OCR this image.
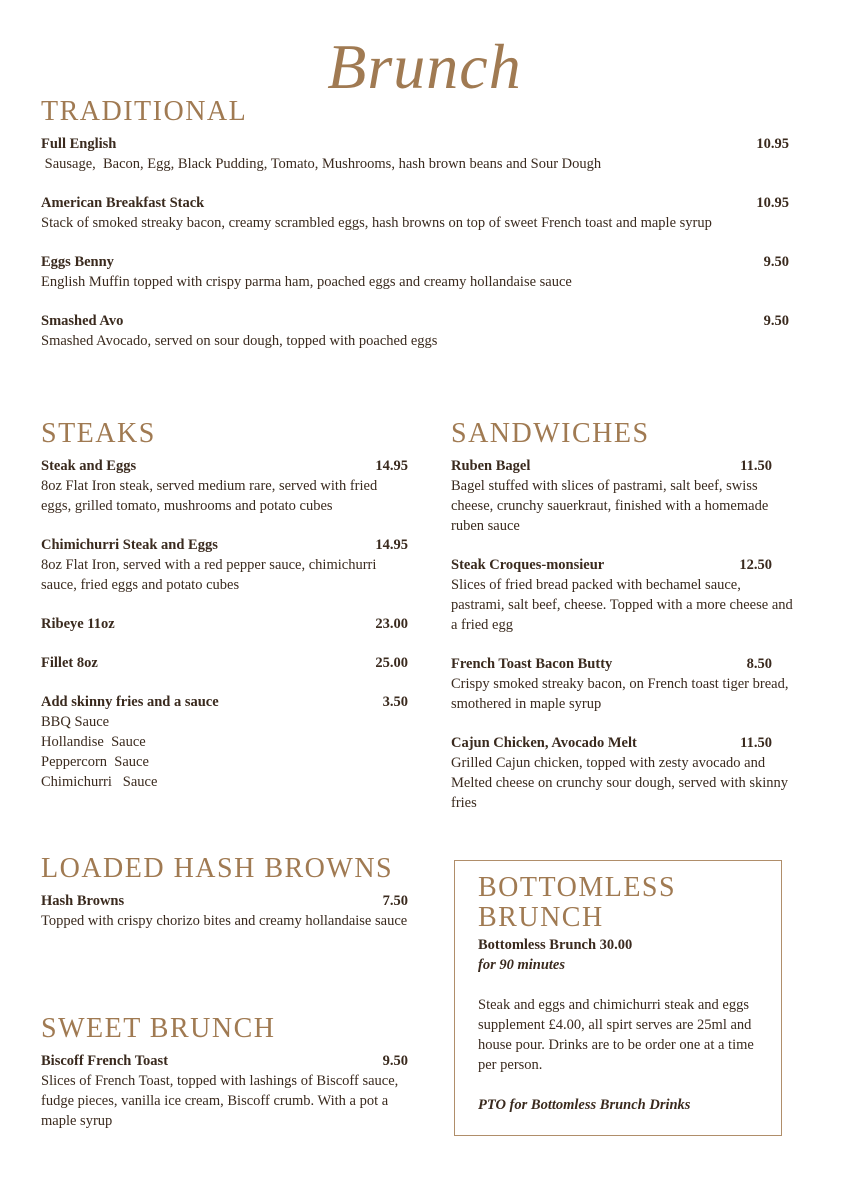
Brunch
TRADITIONAL
Full English	10.95
Sausage,  Bacon, Egg, Black Pudding, Tomato, Mushrooms, hash brown beans and Sour Dough
American Breakfast Stack	10.95
Stack of smoked streaky bacon, creamy scrambled eggs, hash browns on top of sweet French toast and maple syrup
Eggs Benny	9.50
English Muffin topped with crispy parma ham, poached eggs and creamy hollandaise sauce
Smashed Avo	9.50
Smashed Avocado, served on sour dough, topped with poached eggs
STEAKS
Steak and Eggs	14.95
8oz Flat Iron steak, served medium rare, served with fried eggs, grilled tomato, mushrooms and potato cubes
Chimichurri Steak and Eggs	14.95
8oz Flat Iron, served with a red pepper sauce, chimichurri sauce, fried eggs and potato cubes
Ribeye 11oz	23.00
Fillet 8oz	25.00
Add skinny fries and a sauce	3.50
BBQ Sauce
Hollandise  Sauce
Peppercorn  Sauce
Chimichurri   Sauce
SANDWICHES
Ruben Bagel	11.50
Bagel stuffed with slices of pastrami, salt beef, swiss cheese, crunchy sauerkraut, finished with a homemade ruben sauce
Steak Croques-monsieur	12.50
Slices of fried bread packed with bechamel sauce, pastrami, salt beef, cheese. Topped with a more cheese and a fried egg
French Toast Bacon Butty	8.50
Crispy smoked streaky bacon, on French toast tiger bread, smothered in maple syrup
Cajun Chicken, Avocado Melt	11.50
Grilled Cajun chicken, topped with zesty avocado and Melted cheese on crunchy sour dough, served with skinny fries
LOADED HASH BROWNS
Hash Browns	7.50
Topped with crispy chorizo bites and creamy hollandaise sauce
SWEET BRUNCH
Biscoff French Toast	9.50
Slices of French Toast, topped with lashings of Biscoff sauce, fudge pieces, vanilla ice cream, Biscoff crumb. With a pot a maple syrup
BOTTOMLESS
BRUNCH
Bottomless Brunch 30.00
for 90 minutes
Steak and eggs and chimichurri steak and eggs supplement £4.00, all spirt serves are 25ml and house pour. Drinks are to be order one at a time per person.
PTO for Bottomless Brunch Drinks
